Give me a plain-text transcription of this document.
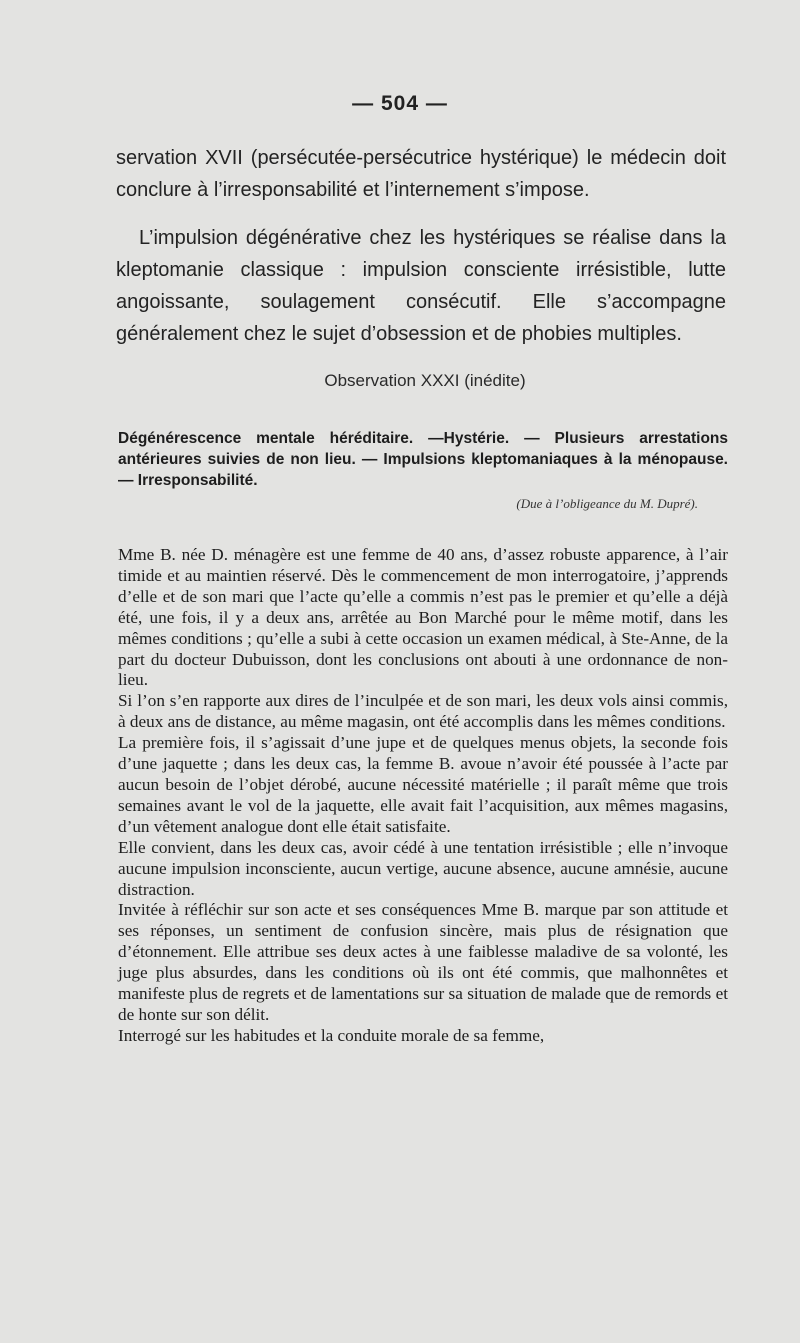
— 504 —

servation XVII (persécutée-persécutrice hystérique) le médecin doit conclure à l’irresponsabilité et l’internement s’impose.

L’impulsion dégénérative chez les hystériques se réalise dans la kleptomanie classique : impulsion consciente irrésistible, lutte angoissante, soulagement consécutif. Elle s’accompagne généralement chez le sujet d’obsession et de phobies multiples.

Observation XXXI (inédite)

Dégénérescence mentale héréditaire. —Hystérie. — Plusieurs arrestations antérieures suivies de non lieu. — Impulsions kleptomaniaques à la ménopause. — Irresponsabilité.

(Due à l’obligeance du M. Dupré).

Mme B. née D. ménagère est une femme de 40 ans, d’assez robuste apparence, à l’air timide et au maintien réservé. Dès le commencement de mon interrogatoire, j’apprends d’elle et de son mari que l’acte qu’elle a commis n’est pas le premier et qu’elle a déjà été, une fois, il y a deux ans, arrêtée au Bon Marché pour le même motif, dans les mêmes conditions ; qu’elle a subi à cette occasion un examen médical, à Ste-Anne, de la part du docteur Dubuisson, dont les conclusions ont abouti à une ordonnance de non-lieu.

Si l’on s’en rapporte aux dires de l’inculpée et de son mari, les deux vols ainsi commis, à deux ans de distance, au même magasin, ont été accomplis dans les mêmes conditions.

La première fois, il s’agissait d’une jupe et de quelques menus objets, la seconde fois d’une jaquette ; dans les deux cas, la femme B. avoue n’avoir été poussée à l’acte par aucun besoin de l’objet dérobé, aucune nécessité matérielle ; il paraît même que trois semaines avant le vol de la jaquette, elle avait fait l’acquisition, aux mêmes magasins, d’un vêtement analogue dont elle était satisfaite.

Elle convient, dans les deux cas, avoir cédé à une tentation irrésistible ; elle n’invoque aucune impulsion inconsciente, aucun vertige, aucune absence, aucune amnésie, aucune distraction.

Invitée à réfléchir sur son acte et ses conséquences Mme B. marque par son attitude et ses réponses, un sentiment de confusion sincère, mais plus de résignation que d’étonnement. Elle attribue ses deux actes à une faiblesse maladive de sa volonté, les juge plus absurdes, dans les conditions où ils ont été commis, que malhonnêtes et manifeste plus de regrets et de lamentations sur sa situation de malade que de remords et de honte sur son délit.

Interrogé sur les habitudes et la conduite morale de sa femme,
